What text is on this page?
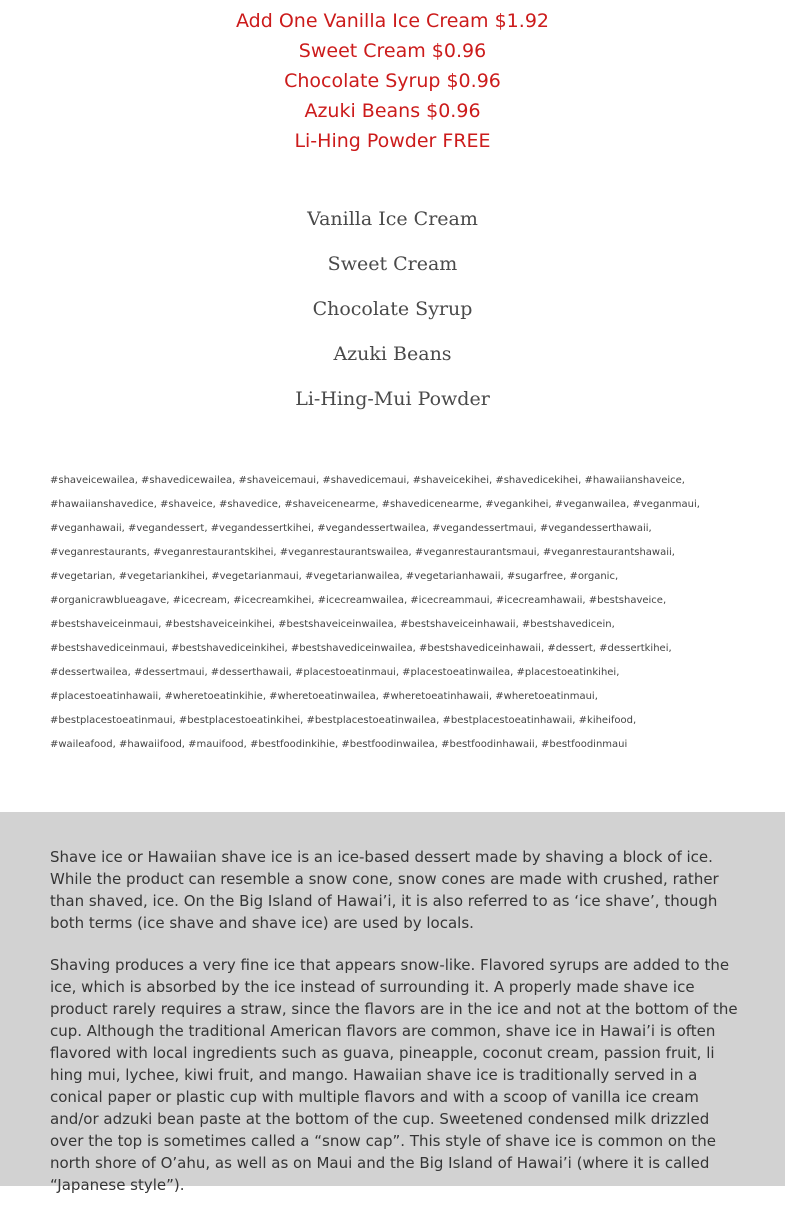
Add One Vanilla Ice Cream $1.92
Sweet Cream $0.96
Chocolate Syrup $0.96
Azuki Beans $0.96
Li-Hing Powder FREE
Vanilla Ice Cream
Sweet Cream
Chocolate Syrup
Azuki Beans
Li-Hing-Mui Powder
#shaveicewailea, #shavedicewailea, #shaveicemaui, #shavedicemaui, #shaveicekihei, #shavedicekihei, #hawaiianshaveice,
#hawaiianshavedice, #shaveice, #shavedice, #shaveicenearme, #shavedicenearme, #vegankihei, #veganwailea, #veganmaui,
#veganhawaii, #vegandessert, #vegandessertkihei, #vegandessertwailea, #vegandessertmaui, #vegandesserthawaii,
#veganrestaurants, #veganrestaurantskihei, #veganrestaurantswailea, #veganrestaurantsmaui, #veganrestaurantshawaii,
#vegetarian, #vegetariankihei, #vegetarianmaui, #vegetarianwailea, #vegetarianhawaii, #sugarfree, #organic,
#organicrawblueagave, #icecream, #icecreamkihei, #icecreamwailea, #icecreammaui, #icecreamhawaii, #bestshaveice,
#bestshaveiceinmaui, #bestshaveiceinkihei, #bestshaveiceinwailea, #bestshaveiceinhawaii, #bestshavedicein,
#bestshavediceinmaui, #bestshavediceinkihei, #bestshavediceinwailea, #bestshavediceinhawaii, #dessert, #dessertkihei,
#dessertwailea, #dessertmaui, #desserthawaii, #placestoeatinmaui, #placestoeatinwailea, #placestoeatinkihei,
#placestoeatinhawaii, #wheretoeatinkihie, #wheretoeatinwailea, #wheretoeatinhawaii, #wheretoeatinmaui,
#bestplacestoeatinmaui, #bestplacestoeatinkihei, #bestplacestoeatinwailea, #bestplacestoeatinhawaii, #kiheifood,
#waileafood, #hawaiifood, #mauifood, #bestfoodinkihie, #bestfoodinwailea, #bestfoodinhawaii, #bestfoodinmaui

Shave ice or Hawaiian shave ice is an ice-based dessert made by shaving a block of ice. While the product can resemble a snow cone, snow cones are made with crushed, rather than shaved, ice. On the Big Island of Hawai’i, it is also referred to as ‘ice shave’, though both terms (ice shave and shave ice) are used by locals.

Shaving produces a very fine ice that appears snow-like. Flavored syrups are added to the ice, which is absorbed by the ice instead of surrounding it. A properly made shave ice product rarely requires a straw, since the flavors are in the ice and not at the bottom of the cup. Although the traditional American flavors are common, shave ice in Hawai’i is often flavored with local ingredients such as guava, pineapple, coconut cream, passion fruit, li hing mui, lychee, kiwi fruit, and mango. Hawaiian shave ice is traditionally served in a conical paper or plastic cup with multiple flavors and with a scoop of vanilla ice cream and/or adzuki bean paste at the bottom of the cup. Sweetened condensed milk drizzled over the top is sometimes called a “snow cap”. This style of shave ice is common on the north shore of O’ahu, as well as on Maui and the Big Island of Hawai’i (where it is called “Japanese style”).
